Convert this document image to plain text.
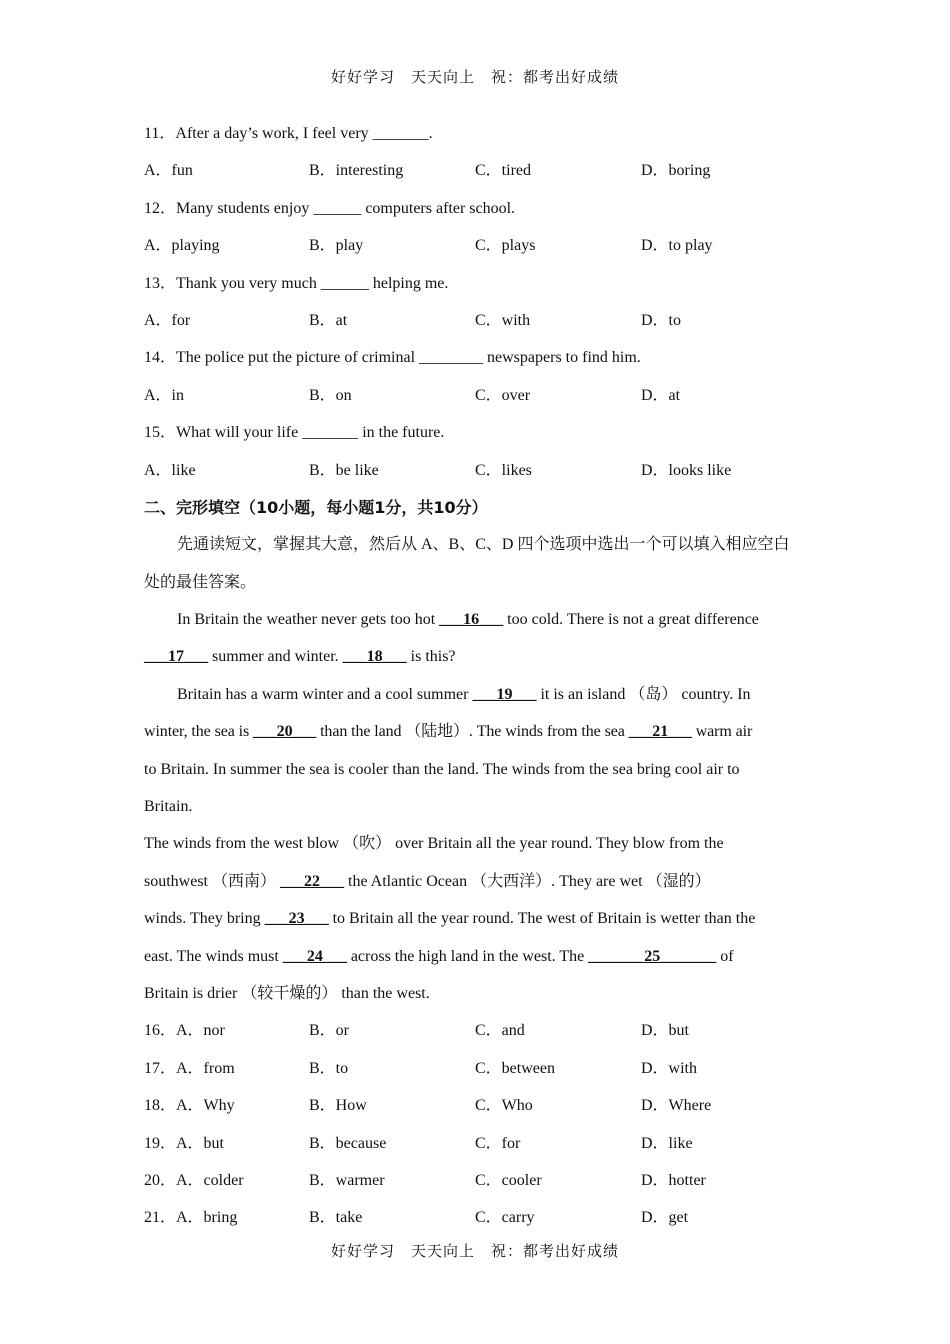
好好学习　天天向上　祝：都考出好成绩
11．After a day’s work, I feel very _______.
A．fun	B．interesting	C．tired	D．boring
12．Many students enjoy ______ computers after school.
A．playing	B．play	C．plays	D．to play
13．Thank you very much ______ helping me.
A．for	B．at	C．with	D．to
14．The police put the picture of criminal ________ newspapers to find him.
A．in	B．on	C．over	D．at
15．What will your life _______ in the future.
A．like	B．be like	C．likes	D．looks like
二、完形填空（10小题，每小题1分，共10分）
先通读短文，掌握其大意，然后从 A、B、C、D 四个选项中选出一个可以填入相应空白
处的最佳答案。
In Britain the weather never gets too hot ___16___ too cold. There is not a great difference
___17___ summer and winter. ___18___ is this?
Britain has a warm winter and a cool summer ___19___ it is an island （岛） country. In
winter, the sea is ___20___ than the land （陆地）. The winds from the sea ___21___ warm air
to Britain. In summer the sea is cooler than the land. The winds from the sea bring cool air to
Britain.
The winds from the west blow （吹） over Britain all the year round. They blow from the
southwest （西南） ___22___ the Atlantic Ocean （大西洋）. They are wet （湿的）
winds. They bring ___23___ to Britain all the year round. The west of Britain is wetter than the
east. The winds must ___24___ across the high land in the west. The _______25_______ of
Britain is drier （较干燥的） than the west.
16．A．nor	B．or	C．and	D．but
17．A．from	B．to	C．between	D．with
18．A．Why	B．How	C．Who	D．Where
19．A．but	B．because	C．for	D．like
20．A．colder	B．warmer	C．cooler	D．hotter
21．A．bring	B．take	C．carry	D．get
好好学习　天天向上　祝：都考出好成绩
